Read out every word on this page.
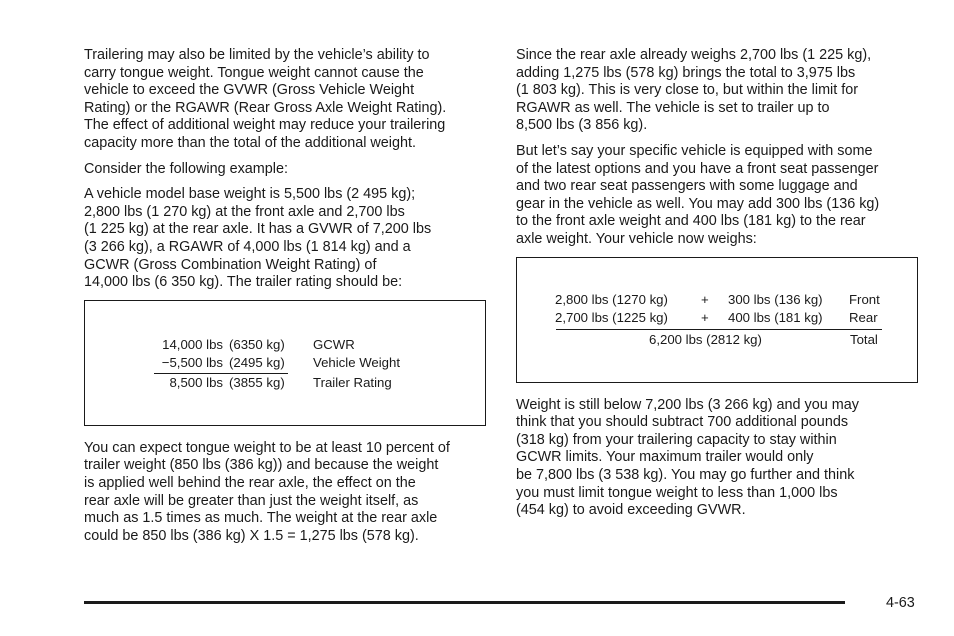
Trailering may also be limited by the vehicle’s ability to
carry tongue weight. Tongue weight cannot cause the
vehicle to exceed the GVWR (Gross Vehicle Weight
Rating) or the RGAWR (Rear Gross Axle Weight Rating).
The effect of additional weight may reduce your trailering
capacity more than the total of the additional weight.

Consider the following example:

A vehicle model base weight is 5,500 lbs (2 495 kg);
2,800 lbs (1 270 kg) at the front axle and 2,700 lbs
(1 225 kg) at the rear axle. It has a GVWR of 7,200 lbs
(3 266 kg), a RGAWR of 4,000 lbs (1 814 kg) and a
GCWR (Gross Combination Weight Rating) of
14,000 lbs (6 350 kg). The trailer rating should be:

14,000 lbs (6350 kg) GCWR
−5,500 lbs (2495 kg) Vehicle Weight
8,500 lbs (3855 kg) Trailer Rating

You can expect tongue weight to be at least 10 percent of
trailer weight (850 lbs (386 kg)) and because the weight
is applied well behind the rear axle, the effect on the
rear axle will be greater than just the weight itself, as
much as 1.5 times as much. The weight at the rear axle
could be 850 lbs (386 kg) X 1.5 = 1,275 lbs (578 kg).

Since the rear axle already weighs 2,700 lbs (1 225 kg),
adding 1,275 lbs (578 kg) brings the total to 3,975 lbs
(1 803 kg). This is very close to, but within the limit for
RGAWR as well. The vehicle is set to trailer up to
8,500 lbs (3 856 kg).

But let’s say your specific vehicle is equipped with some
of the latest options and you have a front seat passenger
and two rear seat passengers with some luggage and
gear in the vehicle as well. You may add 300 lbs (136 kg)
to the front axle weight and 400 lbs (181 kg) to the rear
axle weight. Your vehicle now weighs:

2,800 lbs (1270 kg)	+ 300 lbs (136 kg) Front
2,700 lbs (1225 kg)	+ 400 lbs (181 kg) Rear
6,200 lbs (2812 kg)	Total

Weight is still below 7,200 lbs (3 266 kg) and you may
think that you should subtract 700 additional pounds
(318 kg) from your trailering capacity to stay within
GCWR limits. Your maximum trailer would only
be 7,800 lbs (3 538 kg). You may go further and think
you must limit tongue weight to less than 1,000 lbs
(454 kg) to avoid exceeding GVWR.

4-63
